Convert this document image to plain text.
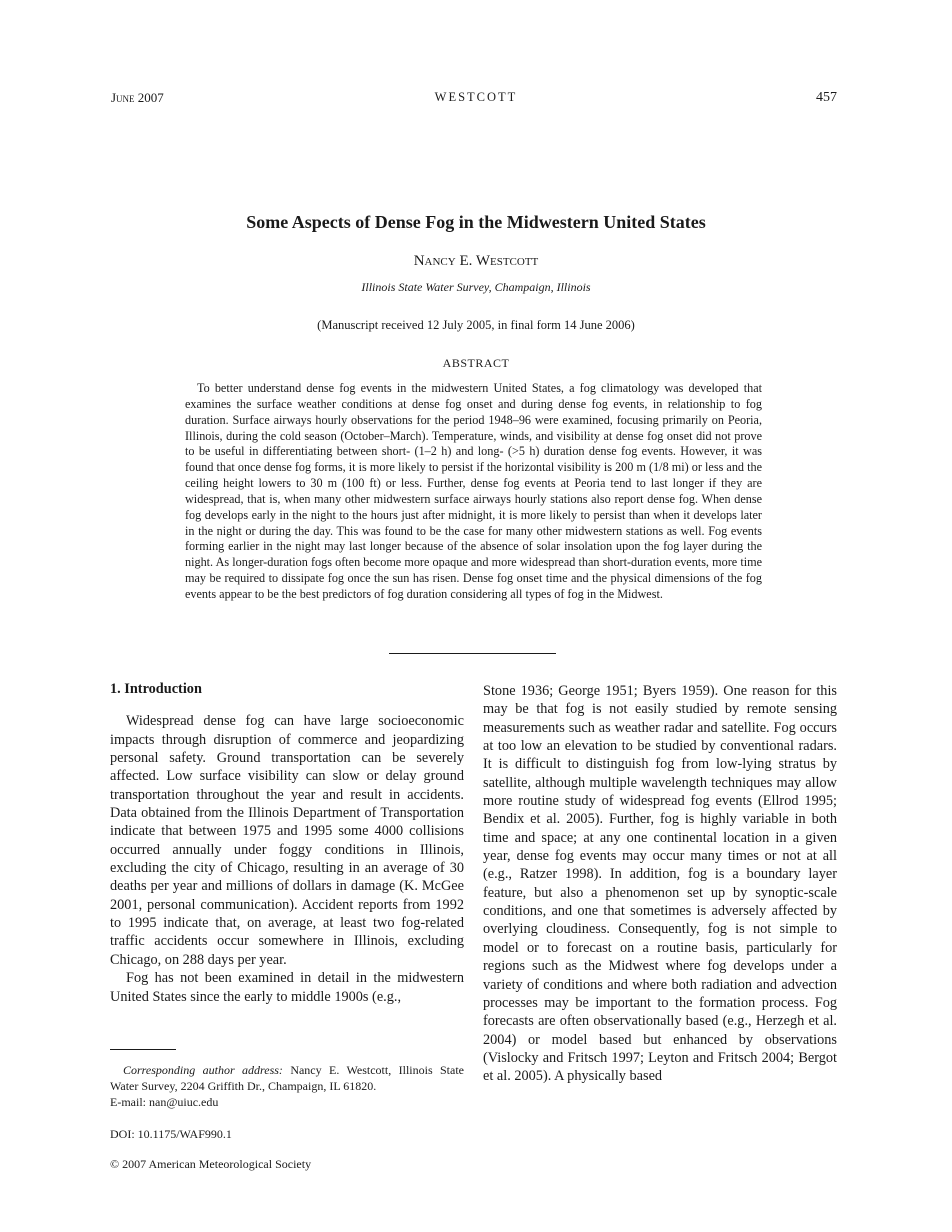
June 2007	WESTCOTT	457
Some Aspects of Dense Fog in the Midwestern United States
Nancy E. Westcott
Illinois State Water Survey, Champaign, Illinois
(Manuscript received 12 July 2005, in final form 14 June 2006)
ABSTRACT

To better understand dense fog events in the midwestern United States, a fog climatology was developed that examines the surface weather conditions at dense fog onset and during dense fog events, in relationship to fog duration. Surface airways hourly observations for the period 1948–96 were examined, focusing primarily on Peoria, Illinois, during the cold season (October–March). Temperature, winds, and visibility at dense fog onset did not prove to be useful in differentiating between short- (1–2 h) and long- (>5 h) duration dense fog events. However, it was found that once dense fog forms, it is more likely to persist if the horizontal visibility is 200 m (1/8 mi) or less and the ceiling height lowers to 30 m (100 ft) or less. Further, dense fog events at Peoria tend to last longer if they are widespread, that is, when many other midwestern surface airways hourly stations also report dense fog. When dense fog develops early in the night to the hours just after midnight, it is more likely to persist than when it develops later in the night or during the day. This was found to be the case for many other midwestern stations as well. Fog events forming earlier in the night may last longer because of the absence of solar insolation upon the fog layer during the night. As longer-duration fogs often become more opaque and more widespread than short-duration events, more time may be required to dissipate fog once the sun has risen. Dense fog onset time and the physical dimensions of the fog events appear to be the best predictors of fog duration considering all types of fog in the Midwest.

1. Introduction

Widespread dense fog can have large socioeconomic impacts through disruption of commerce and jeopardizing personal safety. Ground transportation can be severely affected. Low surface visibility can slow or delay ground transportation throughout the year and result in accidents. Data obtained from the Illinois Department of Transportation indicate that between 1975 and 1995 some 4000 collisions occurred annually under foggy conditions in Illinois, excluding the city of Chicago, resulting in an average of 30 deaths per year and millions of dollars in damage (K. McGee 2001, personal communication). Accident reports from 1992 to 1995 indicate that, on average, at least two fog-related traffic accidents occur somewhere in Illinois, excluding Chicago, on 288 days per year.

Fog has not been examined in detail in the midwestern United States since the early to middle 1900s (e.g.,

Stone 1936; George 1951; Byers 1959). One reason for this may be that fog is not easily studied by remote sensing measurements such as weather radar and satellite. Fog occurs at too low an elevation to be studied by conventional radars. It is difficult to distinguish fog from low-lying stratus by satellite, although multiple wavelength techniques may allow more routine study of widespread fog events (Ellrod 1995; Bendix et al. 2005). Further, fog is highly variable in both time and space; at any one continental location in a given year, dense fog events may occur many times or not at all (e.g., Ratzer 1998). In addition, fog is a boundary layer feature, but also a phenomenon set up by synoptic-scale conditions, and one that sometimes is adversely affected by overlying cloudiness. Consequently, fog is not simple to model or to forecast on a routine basis, particularly for regions such as the Midwest where fog develops under a variety of conditions and where both radiation and advection processes may be important to the formation process. Fog forecasts are often observationally based (e.g., Herzegh et al. 2004) or model based but enhanced by observations (Vislocky and Fritsch 1997; Leyton and Fritsch 2004; Bergot et al. 2005). A physically based

Corresponding author address: Nancy E. Westcott, Illinois State Water Survey, 2204 Griffith Dr., Champaign, IL 61820.

E-mail: nan@uiuc.edu

DOI: 10.1175/WAF990.1
© 2007 American Meteorological Society
